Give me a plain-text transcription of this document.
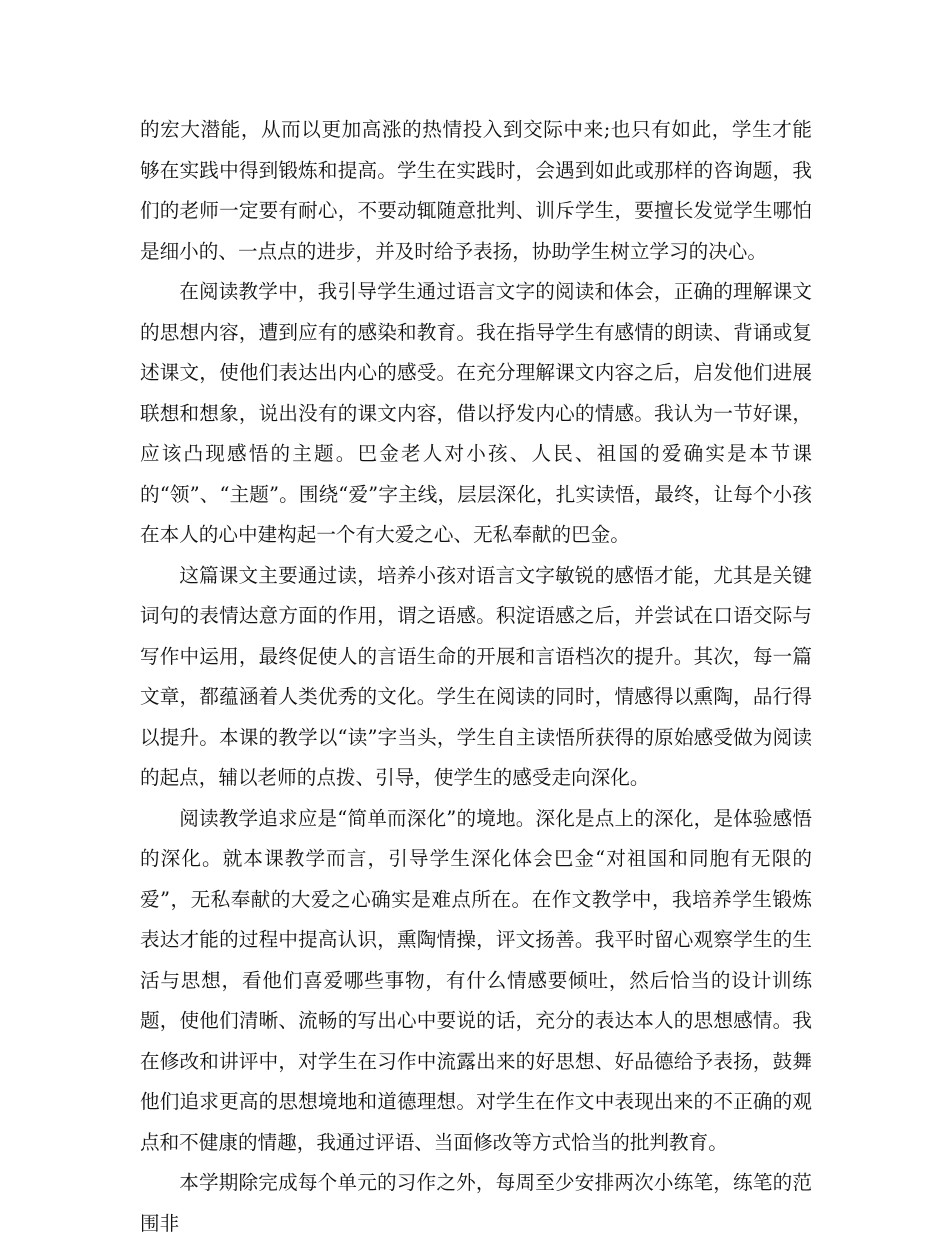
的宏大潜能，从而以更加高涨的热情投入到交际中来;也只有如此，学生才能够在实践中得到锻炼和提高。学生在实践时，会遇到如此或那样的咨询题，我们的老师一定要有耐心，不要动辄随意批判、训斥学生，要擅长发觉学生哪怕是细小的、一点点的进步，并及时给予表扬，协助学生树立学习的决心。

在阅读教学中，我引导学生通过语言文字的阅读和体会，正确的理解课文的思想内容，遭到应有的感染和教育。我在指导学生有感情的朗读、背诵或复述课文，使他们表达出内心的感受。在充分理解课文内容之后，启发他们进展联想和想象，说出没有的课文内容，借以抒发内心的情感。我认为一节好课，应该凸现感悟的主题。巴金老人对小孩、人民、祖国的爱确实是本节课的“领”、“主题”。围绕“爱”字主线，层层深化，扎实读悟，最终，让每个小孩在本人的心中建构起一个有大爱之心、无私奉献的巴金。

这篇课文主要通过读，培养小孩对语言文字敏锐的感悟才能，尤其是关键词句的表情达意方面的作用，谓之语感。积淀语感之后，并尝试在口语交际与写作中运用，最终促使人的言语生命的开展和言语档次的提升。其次，每一篇文章，都蕴涵着人类优秀的文化。学生在阅读的同时，情感得以熏陶，品行得以提升。本课的教学以“读”字当头，学生自主读悟所获得的原始感受做为阅读的起点，辅以老师的点拨、引导，使学生的感受走向深化。

阅读教学追求应是“简单而深化”的境地。深化是点上的深化，是体验感悟的深化。就本课教学而言，引导学生深化体会巴金“对祖国和同胞有无限的爱”，无私奉献的大爱之心确实是难点所在。在作文教学中，我培养学生锻炼表达才能的过程中提高认识，熏陶情操，评文扬善。我平时留心观察学生的生活与思想，看他们喜爱哪些事物，有什么情感要倾吐，然后恰当的设计训练题，使他们清晰、流畅的写出心中要说的话，充分的表达本人的思想感情。我在修改和讲评中，对学生在习作中流露出来的好思想、好品德给予表扬，鼓舞他们追求更高的思想境地和道德理想。对学生在作文中表现出来的不正确的观点和不健康的情趣，我通过评语、当面修改等方式恰当的批判教育。

本学期除完成每个单元的习作之外，每周至少安排两次小练笔，练笔的范围非
